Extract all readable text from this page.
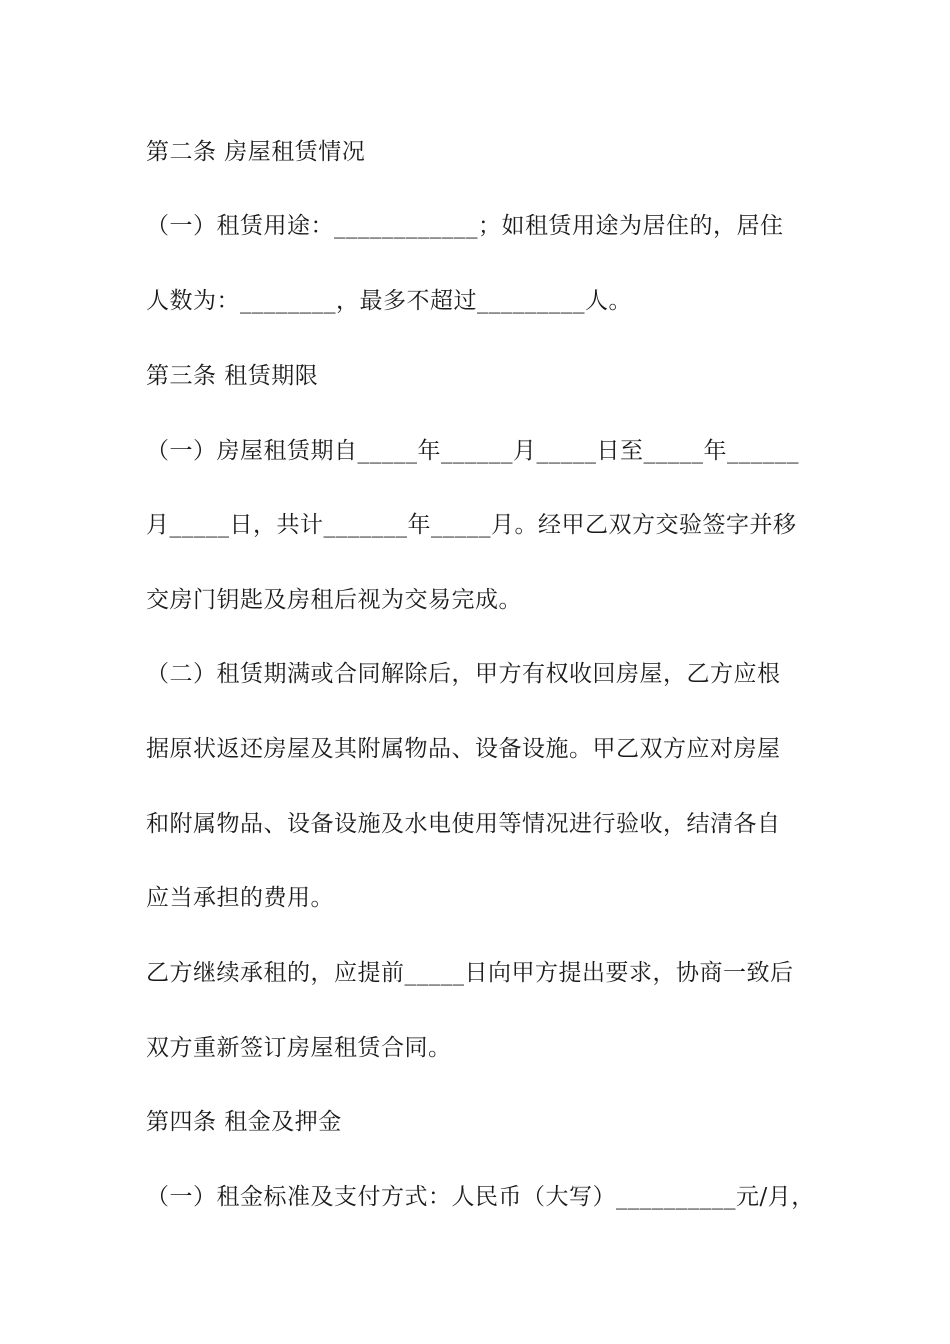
第二条 房屋租赁情况
（一）租赁用途：____________；如租赁用途为居住的，居住
人数为：________，最多不超过_________人。
第三条 租赁期限
（一）房屋租赁期自_____年______月_____日至_____年______
月_____日，共计_______年_____月。经甲乙双方交验签字并移
交房门钥匙及房租后视为交易完成。
（二）租赁期满或合同解除后，甲方有权收回房屋，乙方应根
据原状返还房屋及其附属物品、设备设施。甲乙双方应对房屋
和附属物品、设备设施及水电使用等情况进行验收，结清各自
应当承担的费用。
乙方继续承租的，应提前_____日向甲方提出要求，协商一致后
双方重新签订房屋租赁合同。
第四条 租金及押金
（一）租金标准及支付方式：人民币（大写）__________元/月，
